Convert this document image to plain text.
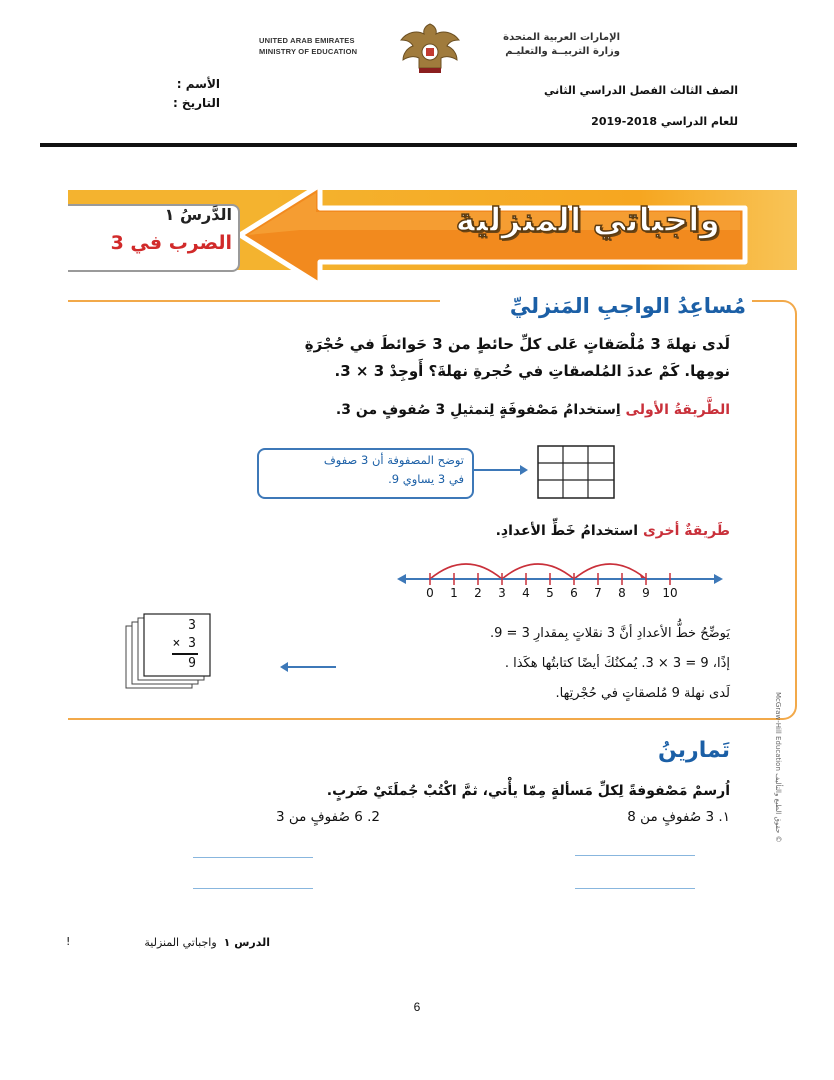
UNITED ARAB EMIRATES
MINISTRY OF EDUCATION
الإمارات العربية المتحدة
وزارة التربيــة والتعليـم
الأسم :
التاريخ :
الصف الثالث الفصل الدراسي الثاني
للعام الدراسي 2018-2019
واجباتي المنزلية
الدَّرسُ ١
الضرب في 3
مُساعِدُ الواجبِ المَنزليِّ
لَدى نهلةَ 3 مُلْصَقاتٍ عَلى كلِّ حائطٍ من 3 حَوائطَ في حُجْرَةِ
نومِها. كَمْ عددَ المُلصقاتِ في حُجرةِ نهلةَ؟ أَوجِدْ 3 × 3.
الطَّريقةُ الأولى اِستخدامُ مَصْفوفَةٍ لِتمثيلِ 3 صُفوفٍ من 3.
توضح المصفوفة أن 3 صفوف
في 3 يساوي 9.
طَريقةٌ أخرى استخدامُ خَطِّ الأعدادِ.
0	1	2	3	4	5	6	7	8	9	10
3
× 3
9
يَوضِّحُ خطُّ الأعدادِ أنَّ 3 نقلاتٍ بِمقدارِ 3 = 9.
إذًا، 9 = 3 × 3. يُمكنُكَ أيضًا كتابتُها هكَذا .
لَدى نهلة 9 مُلصقاتٍ في حُجْرتِها.
تَمارينُ
اُرسمْ مَصْفوفةً لِكلِّ مَسألةٍ مِمّا يأْتي، ثمَّ اكْتُبْ جُملَتَيْ ضَربٍ.
١. 3 صُفوفٍ من 8
2. 6 صُفوفٍ من 3
McGraw-Hill Education حقوق الطبع والتأليف ©
الدرس ١  واجباتي المنزلية
!
6
